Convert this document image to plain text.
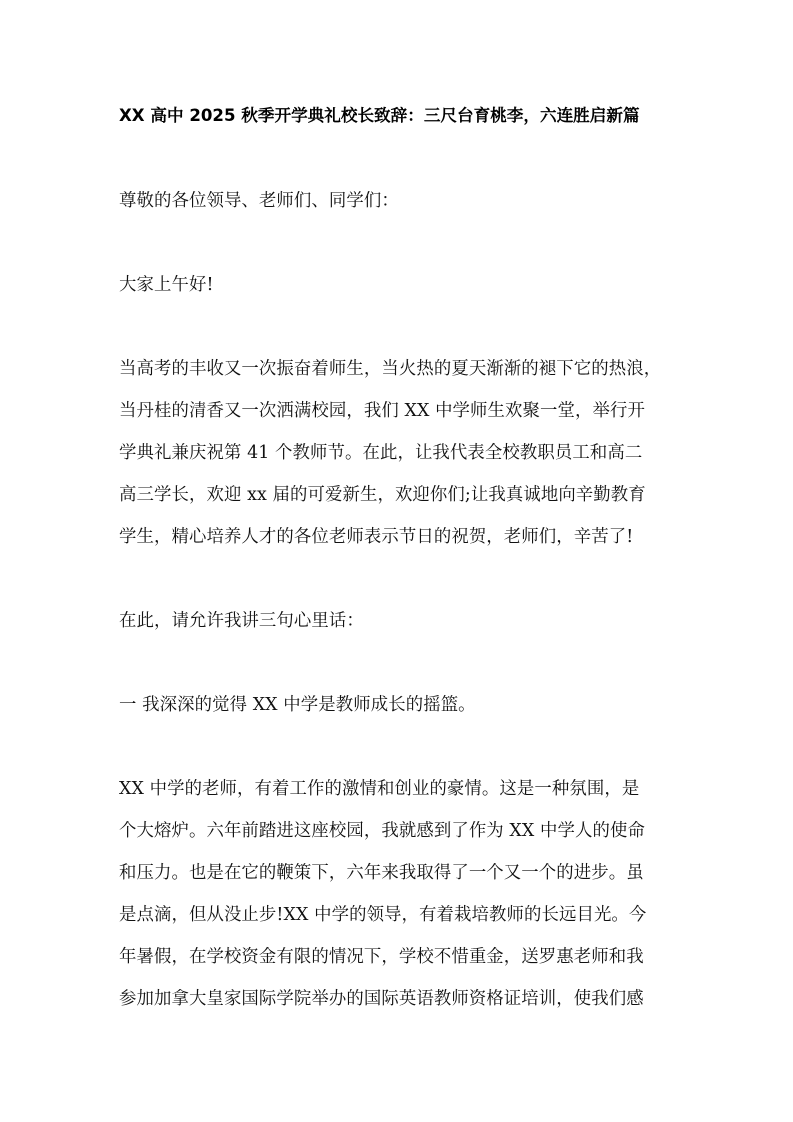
XX 高中 2025 秋季开学典礼校长致辞：三尺台育桃李，六连胜启新篇
尊敬的各位领导、老师们、同学们：
大家上午好!
当高考的丰收又一次振奋着师生，当火热的夏天渐渐的褪下它的热浪，
当丹桂的清香又一次洒满校园，我们 XX 中学师生欢聚一堂，举行开
学典礼兼庆祝第 41 个教师节。在此，让我代表全校教职员工和高二
高三学长，欢迎 xx 届的可爱新生，欢迎你们;让我真诚地向辛勤教育
学生，精心培养人才的各位老师表示节日的祝贺，老师们，辛苦了!
在此，请允许我讲三句心里话：
一 我深深的觉得 XX 中学是教师成长的摇篮。
XX 中学的老师，有着工作的激情和创业的豪情。这是一种氛围，是
个大熔炉。六年前踏进这座校园，我就感到了作为 XX 中学人的使命
和压力。也是在它的鞭策下，六年来我取得了一个又一个的进步。虽
是点滴，但从没止步!XX 中学的领导，有着栽培教师的长远目光。今
年暑假，在学校资金有限的情况下，学校不惜重金，送罗惠老师和我
参加加拿大皇家国际学院举办的国际英语教师资格证培训，使我们感
